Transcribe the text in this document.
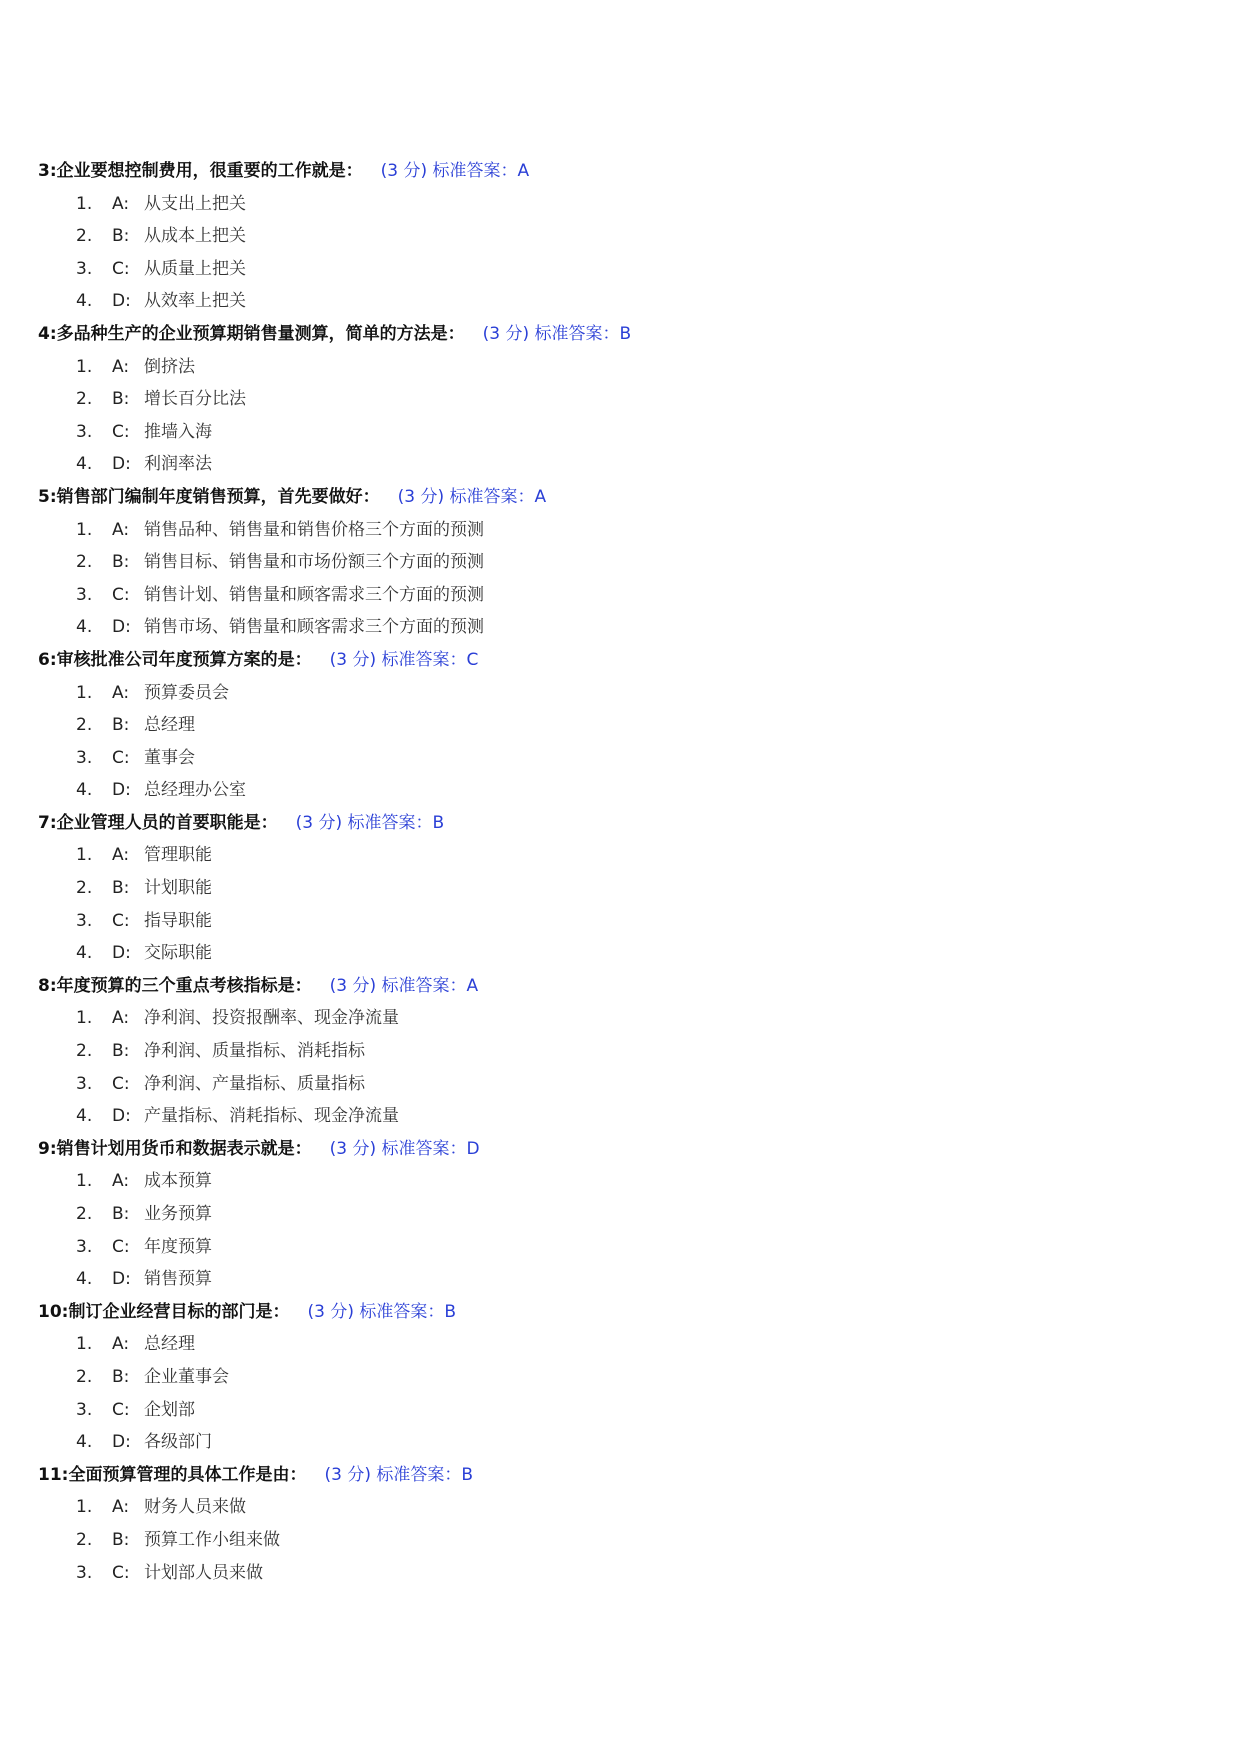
3:企业要想控制费用，很重要的工作就是： (3 分) 标准答案：A
1. A: 从支出上把关
2. B: 从成本上把关
3. C: 从质量上把关
4. D: 从效率上把关
4:多品种生产的企业预算期销售量测算，简单的方法是： (3 分) 标准答案：B
1. A: 倒挤法
2. B: 增长百分比法
3. C: 推墙入海
4. D: 利润率法
5:销售部门编制年度销售预算，首先要做好： (3 分) 标准答案：A
1. A: 销售品种、销售量和销售价格三个方面的预测
2. B: 销售目标、销售量和市场份额三个方面的预测
3. C: 销售计划、销售量和顾客需求三个方面的预测
4. D: 销售市场、销售量和顾客需求三个方面的预测
6:审核批准公司年度预算方案的是： (3 分) 标准答案：C
1. A: 预算委员会
2. B: 总经理
3. C: 董事会
4. D: 总经理办公室
7:企业管理人员的首要职能是： (3 分) 标准答案：B
1. A: 管理职能
2. B: 计划职能
3. C: 指导职能
4. D: 交际职能
8:年度预算的三个重点考核指标是： (3 分) 标准答案：A
1. A: 净利润、投资报酬率、现金净流量
2. B: 净利润、质量指标、消耗指标
3. C: 净利润、产量指标、质量指标
4. D: 产量指标、消耗指标、现金净流量
9:销售计划用货币和数据表示就是： (3 分) 标准答案：D
1. A: 成本预算
2. B: 业务预算
3. C: 年度预算
4. D: 销售预算
10:制订企业经营目标的部门是： (3 分) 标准答案：B
1. A: 总经理
2. B: 企业董事会
3. C: 企划部
4. D: 各级部门
11:全面预算管理的具体工作是由： (3 分) 标准答案：B
1. A: 财务人员来做
2. B: 预算工作小组来做
3. C: 计划部人员来做
